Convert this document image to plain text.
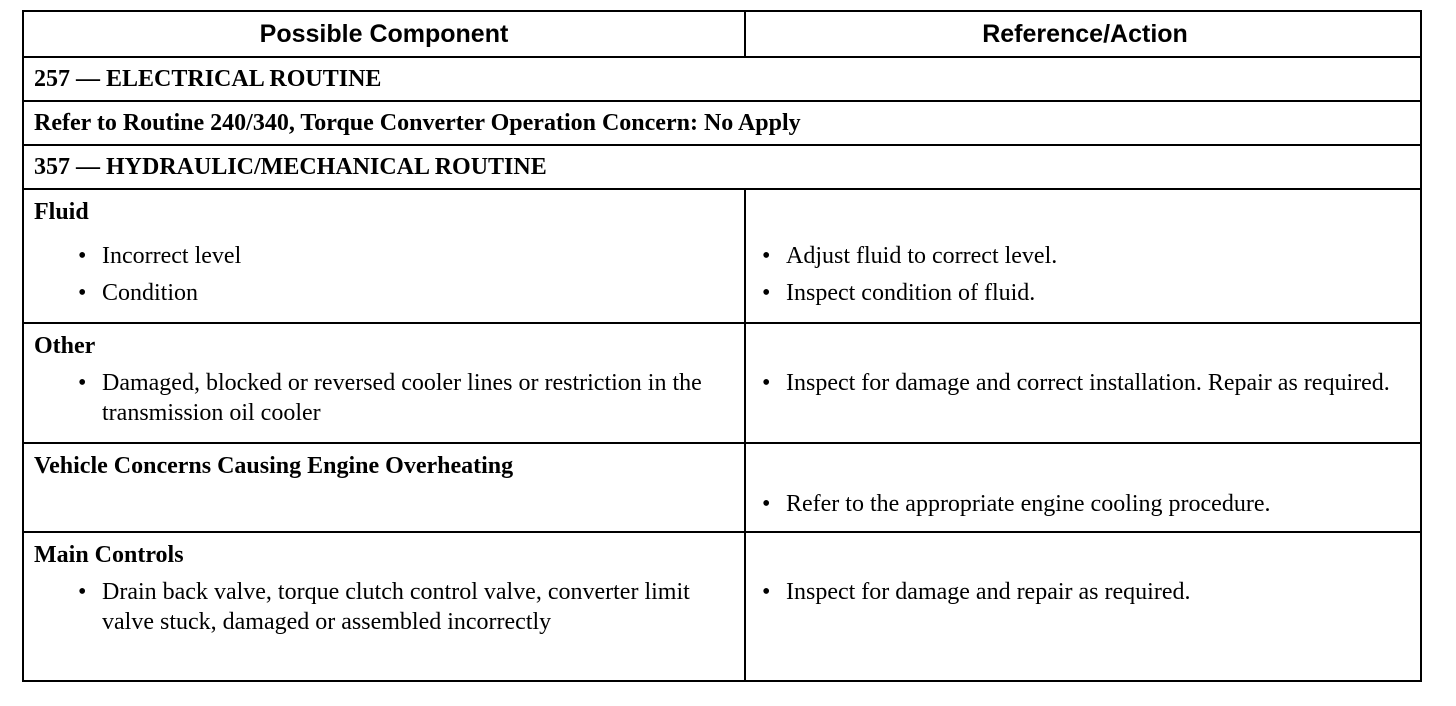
Possible Component	Reference/Action
257 — ELECTRICAL ROUTINE
Refer to Routine 240/340, Torque Converter Operation Concern: No Apply
357 — HYDRAULIC/MECHANICAL ROUTINE
Fluid
• Incorrect level
• Condition
• Adjust fluid to correct level.
• Inspect condition of fluid.
Other
• Damaged, blocked or reversed cooler lines or restriction in the transmission oil cooler
• Inspect for damage and correct installation. Repair as required.
Vehicle Concerns Causing Engine Overheating
• Refer to the appropriate engine cooling procedure.
Main Controls
• Drain back valve, torque clutch control valve, converter limit valve stuck, damaged or assembled incorrectly
• Inspect for damage and repair as required.
